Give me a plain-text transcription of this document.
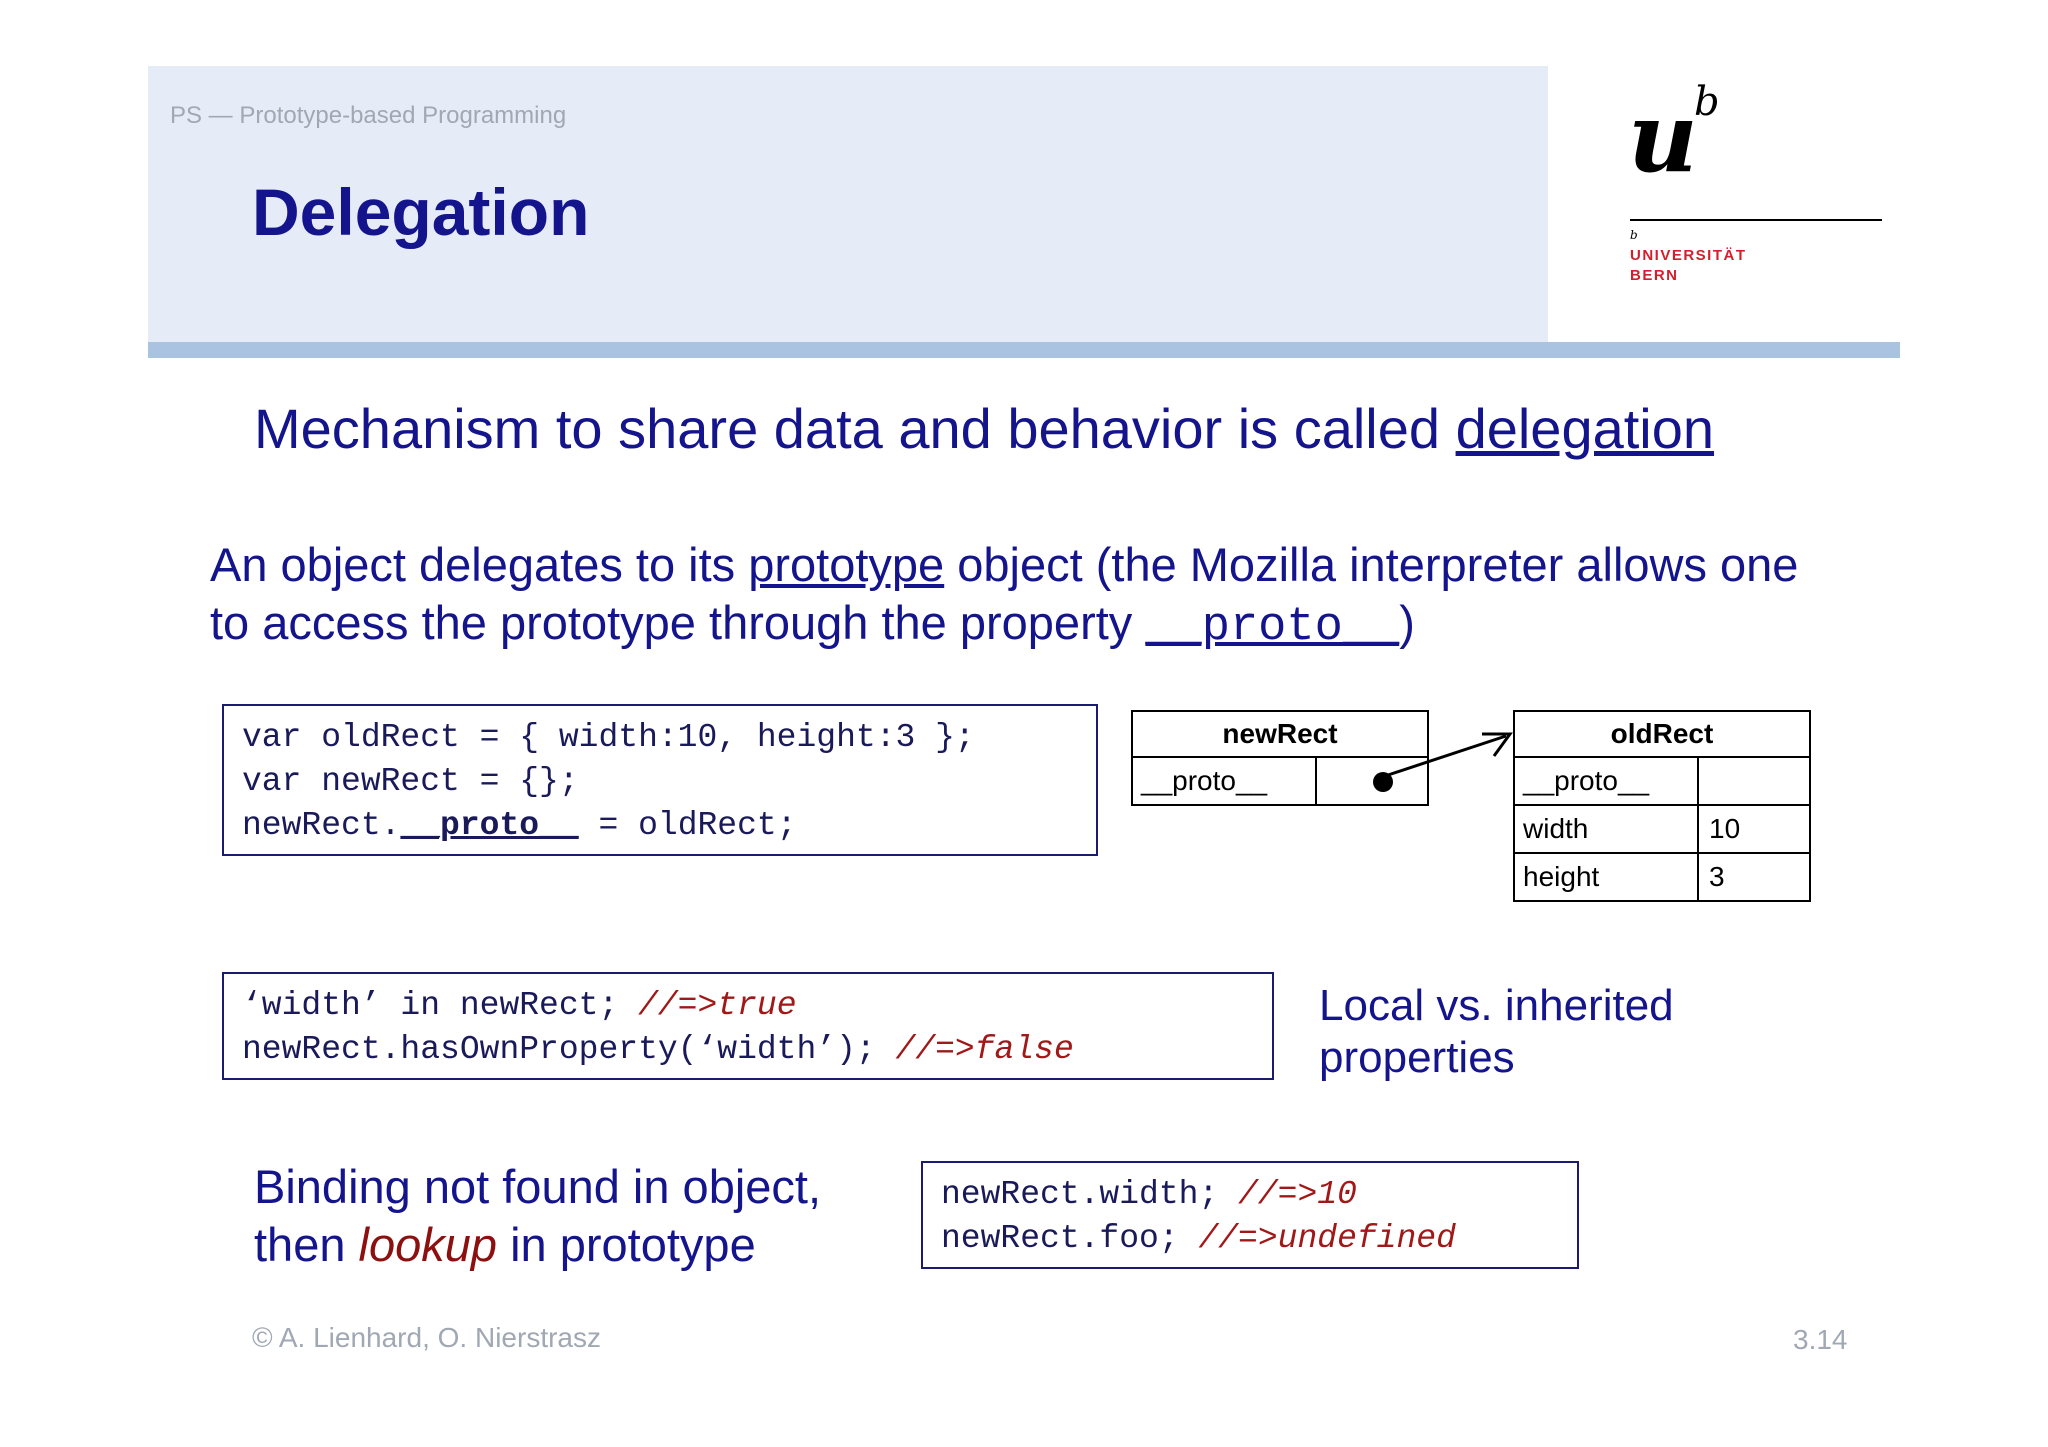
PS — Prototype-based Programming
Delegation
u
b
b
UNIVERSITÄT
BERN
Mechanism to share data and behavior is called delegation
An object delegates to its prototype object (the Mozilla interpreter allows one to access the prototype through the property __proto__)
var oldRect = { width:10, height:3 };
var newRect = {};
newRect.__proto__ = oldRect;
newRect
__proto__
oldRect
__proto__
width	10
height	3
‘width’ in newRect; //=>true
newRect.hasOwnProperty(‘width’); //=>false
Local vs. inherited
properties
Binding not found in object,
then lookup in prototype
newRect.width; //=>10
newRect.foo; //=>undefined
© A. Lienhard, O. Nierstrasz	3.14
